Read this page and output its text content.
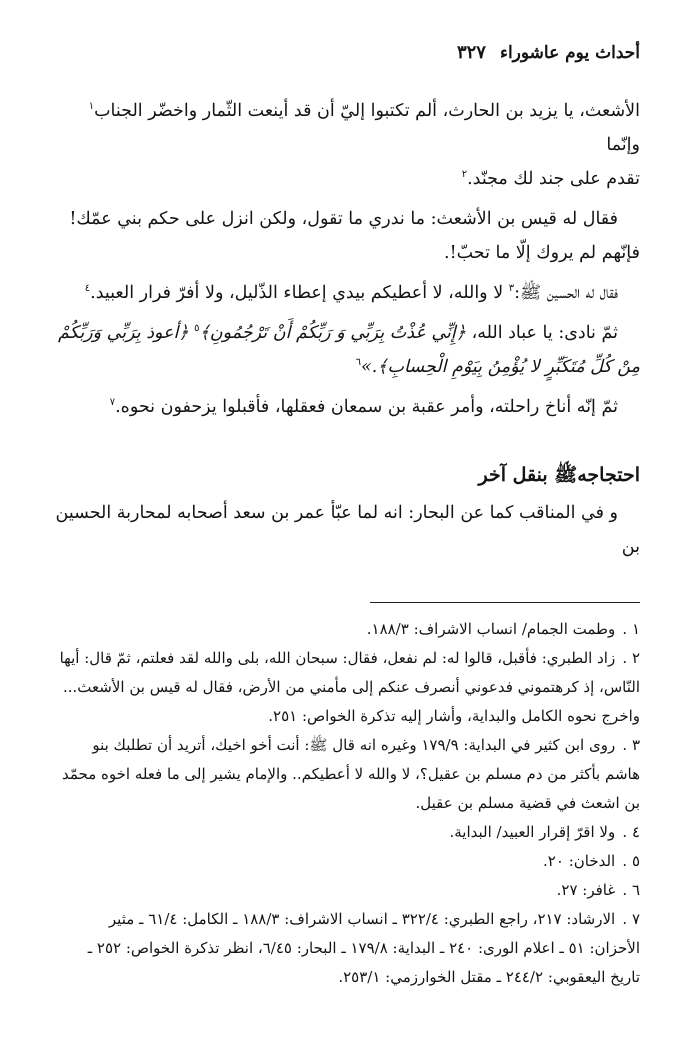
أحداث يوم عاشوراء
٣٢٧

الأشعث، يا يزيد بن الحارث، ألم تكتبوا إليّ أن قد أينعت الثّمار واخضّر الجناب$^١$ وإنّما
تقدم على جند لك مجنّد.$^٢$

فقال له قيس بن الأشعث: ما ندري ما تقول، ولكن انزل على حكم بني عمّك! فإنّهم لم يروك إلّا ما تحبّ!.

فقال له الحسين ﷺ:$^٣$ لا والله، لا أعطيكم بيدي إعطاء الذّليل، ولا أفرّ فرار العبيد.$^٤$

ثمّ نادى: يا عباد الله، ﴿إِنِّي عُذْتُ بِرَبِّي وَ رَبِّكُمْ أَنْ تَرْجُمُونِ﴾$^٥$ ﴿أعوذ بِرَبِّي وَرَبِّكُمْ مِنْ كُلِّ مُتَكَبِّرٍ لا يُؤْمِنُ بِيَوْمِ الْحِسابِ﴾.»$^٦$

ثمّ إنّه أناخ راحلته، وأمر عقبة بن سمعان فعقلها، فأقبلوا يزحفون نحوه.$^٧$

احتجاجهﷺ بنقل آخر

و في المناقب كما عن البحار: انه لما عبّأ عمر بن سعد أصحابه لمحاربة الحسين بن

١ . وطمت الجمام/ انساب الاشراف: ١٨٨/٣.

٢ . زاد الطبري: فأقبل، قالوا له: لم نفعل، فقال: سبحان الله، بلى والله لقد فعلتم، ثمّ قال: أيها النّاس، إذ كرهتموني فدعوني أنصرف عنكم إلى مأمني من الأرض، فقال له قيس بن الأشعث... واخرج نحوه الكامل والبداية، وأشار إليه تذكرة الخواص: ٢٥١.

٣ . روى ابن كثير في البداية: ١٧٩/٩ وغيره انه قال ﷺ: أنت أخو اخيك، أتريد أن تطلبك بنو هاشم بأكثر من دم مسلم بن عقيل؟، لا والله لا أعطيكم.. والإمام يشير إلى ما فعله اخوه محمّد بن اشعث في قضية مسلم بن عقيل.

٤ . ولا اقرّ إقرار العبيد/ البداية.

٥ . الدخان: ٢٠.

٦ . غافر: ٢٧.

٧ . الارشاد: ٢١٧، راجع الطبري: ٣٢٢/٤ ـ انساب الاشراف: ١٨٨/٣ ـ الكامل: ٦١/٤ ـ مثير الأحزان: ٥١ ـ اعلام الورى: ٢٤٠ ـ البداية: ١٧٩/٨ ـ البحار: ٦/٤٥، انظر تذكرة الخواص: ٢٥٢ ـ تاريخ اليعقوبي: ٢٤٤/٢ ـ مقتل الخوارزمي: ٢٥٣/١.
